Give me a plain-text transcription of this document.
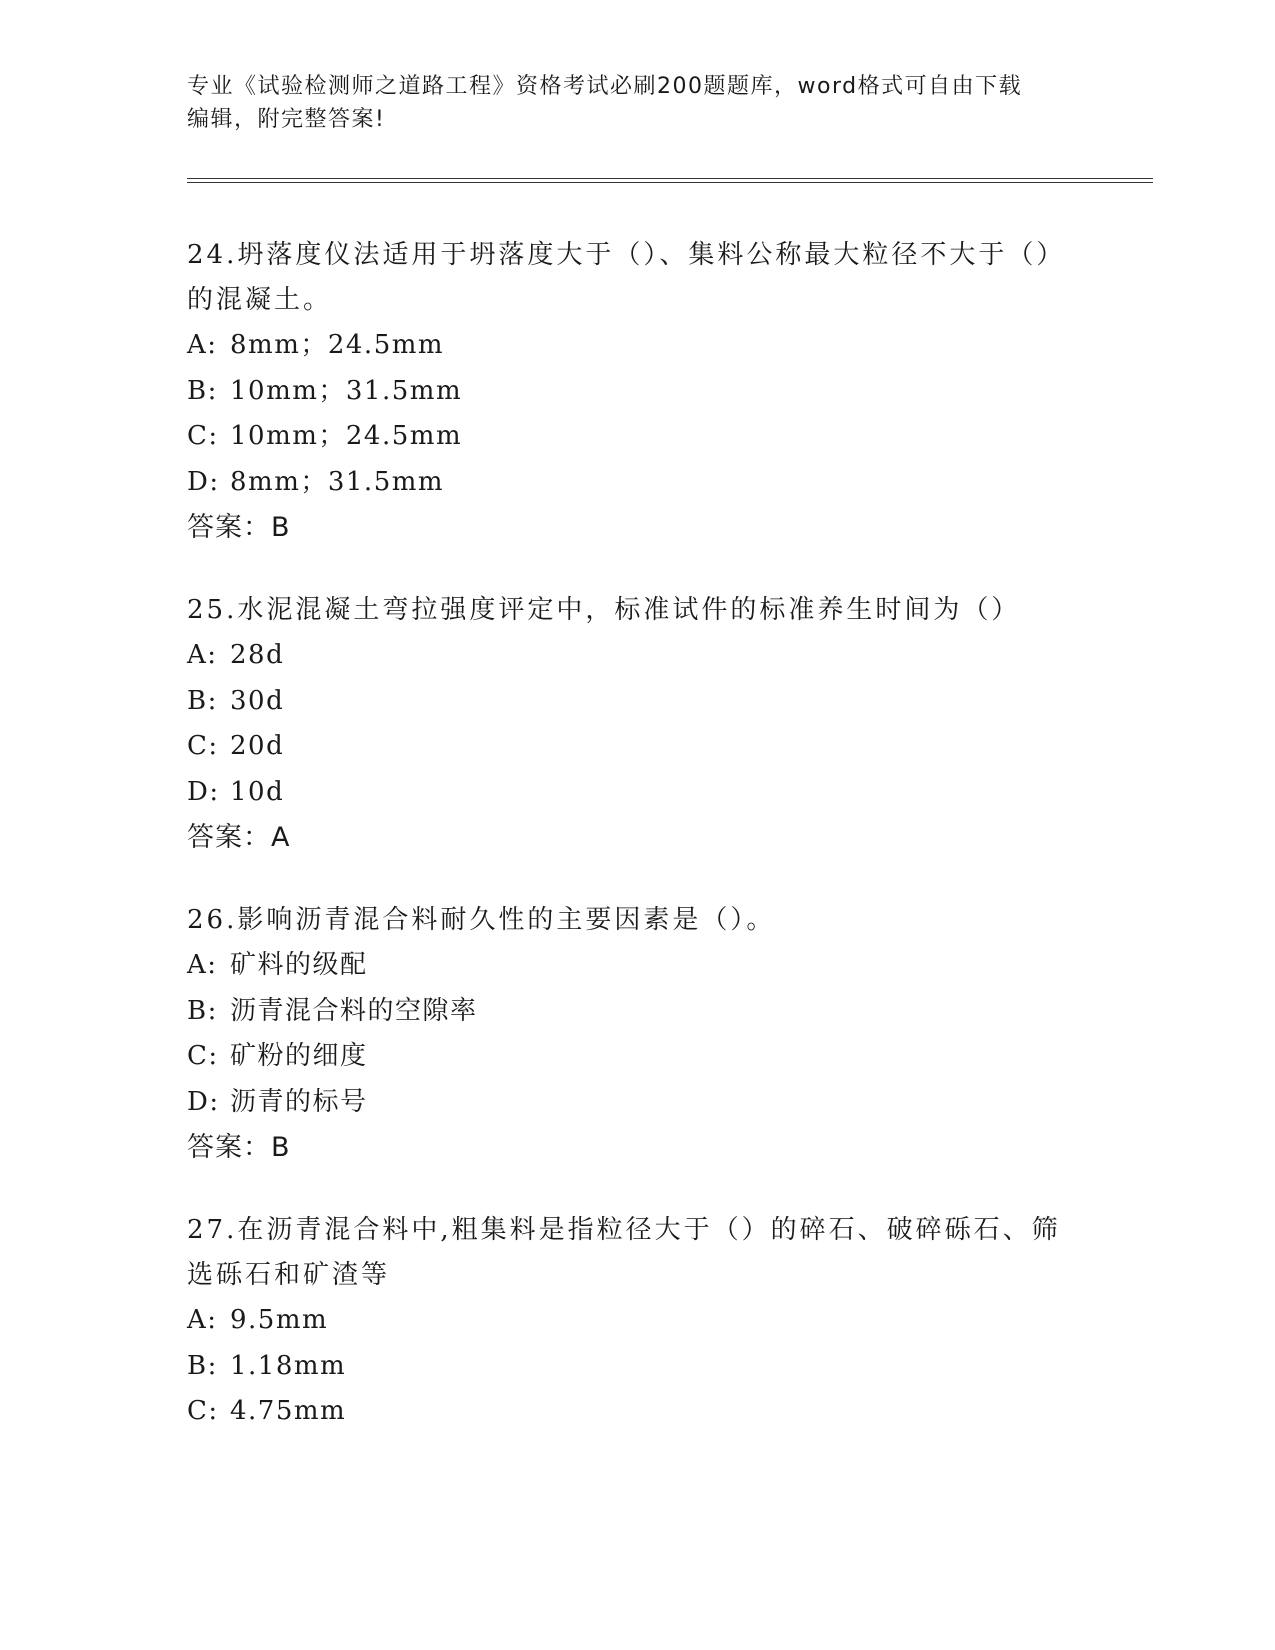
专业《试验检测师之道路工程》资格考试必刷200题题库，word格式可自由下载
编辑，附完整答案!

24.坍落度仪法适用于坍落度大于（）、集料公称最大粒径不大于（）

的混凝土。

A: 8mm；24.5mm
B: 10mm；31.5mm
C: 10mm；24.5mm
D: 8mm；31.5mm
答案：B

25.水泥混凝土弯拉强度评定中，标准试件的标准养生时间为（）

A: 28d
B: 30d
C: 20d
D: 10d
答案：A

26.影响沥青混合料耐久性的主要因素是（）。

A: 矿料的级配
B: 沥青混合料的空隙率
C: 矿粉的细度
D: 沥青的标号
答案：B

27.在沥青混合料中,粗集料是指粒径大于（）的碎石、破碎砾石、筛

选砾石和矿渣等

A: 9.5mm
B: 1.18mm
C: 4.75mm
